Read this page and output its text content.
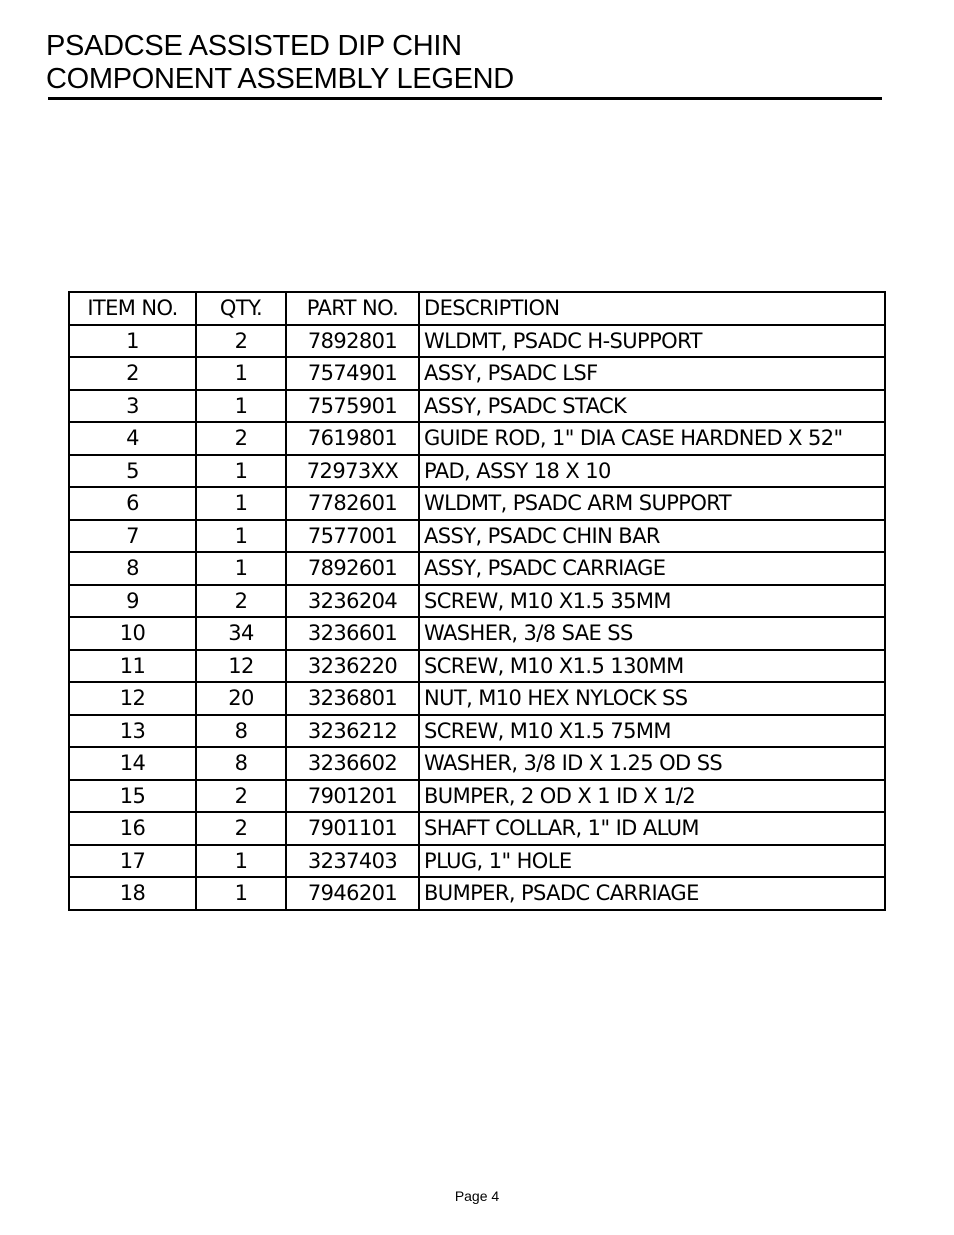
PSADCSE ASSISTED DIP CHIN
COMPONENT ASSEMBLY LEGEND
ITEM NO.	QTY.	PART NO.	DESCRIPTION
1	2	7892801	WLDMT, PSADC H-SUPPORT
2	1	7574901	ASSY, PSADC LSF
3	1	7575901	ASSY, PSADC STACK
4	2	7619801	GUIDE ROD, 1" DIA CASE HARDNED X 52"
5	1	72973XX	PAD, ASSY 18 X 10
6	1	7782601	WLDMT, PSADC ARM SUPPORT
7	1	7577001	ASSY, PSADC CHIN BAR
8	1	7892601	ASSY, PSADC CARRIAGE
9	2	3236204	SCREW, M10 X1.5 35MM
10	34	3236601	WASHER, 3/8 SAE SS
11	12	3236220	SCREW, M10 X1.5 130MM
12	20	3236801	NUT, M10 HEX NYLOCK SS
13	8	3236212	SCREW, M10 X1.5 75MM
14	8	3236602	WASHER, 3/8 ID X 1.25 OD SS
15	2	7901201	BUMPER, 2 OD X 1 ID X 1/2
16	2	7901101	SHAFT COLLAR, 1" ID ALUM
17	1	3237403	PLUG, 1" HOLE
18	1	7946201	BUMPER, PSADC CARRIAGE
Page 4
